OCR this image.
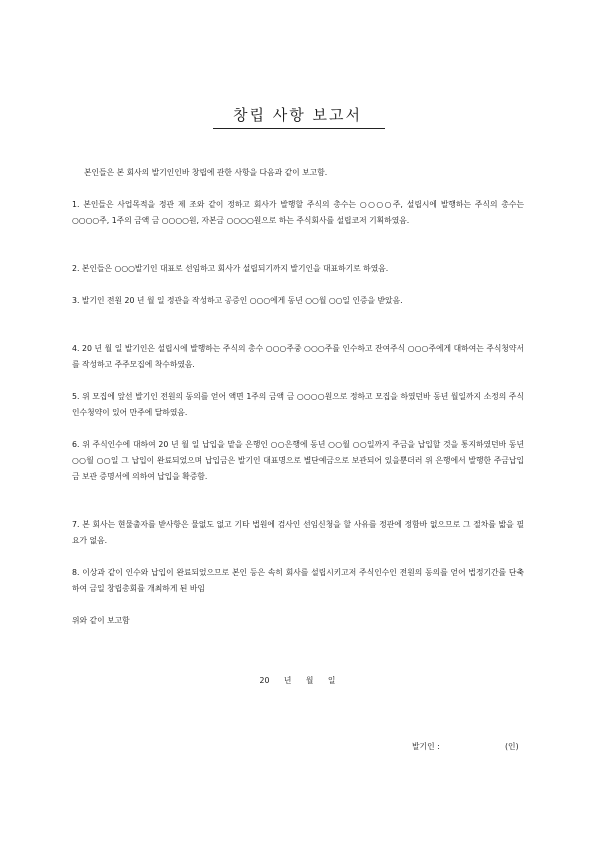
창립 사항 보고서

본인들은 본 회사의 발기인인바 창립에 관한 사항을 다음과 같이 보고함.

1. 본인들은 사업목적을 정관 제 조와 같이 정하고 회사가 발행할 주식의 총수는 ○○○○주, 설립시에 발행하는 주식의 총수는 ○○○○주, 1주의 금액 금 ○○○○원, 자본금 ○○○○원으로 하는 주식회사를 설립코저 기획하였음.

2. 본인들은 ○○○발기인 대표로 선임하고 회사가 설립되기까지 발기인을 대표하기로 하였음.

3. 발기인 전원 20 년 월 일 정관을 작성하고 공증인 ○○○에게 동년 ○○월 ○○일 인증을 받았음.

4. 20 년 월 일 발기인은 설립시에 발행하는 주식의 총수 ○○○주중 ○○○주를 인수하고 잔여주식 ○○○주에게 대하여는 주식청약서를 작성하고 주주모집에 착수하였음.

5. 위 모집에 앞선 발기인 전원의 동의를 얻어 액면 1주의 금액 금 ○○○○원으로 정하고 모집을 하였던바 동년 월일까지 소정의 주식 인수청약이 있어 만주에 달하였음.

6. 위 주식인수에 대하여 20 년 월 일 납입을 맡을 은행인 ○○은행에 동년 ○○월 ○○일까지 주금을 납입할 것을 통지하였던바 동년 ○○월 ○○일 그 납입이 완료되었으며 납입금은 발기인 대표명으로 별단예금으로 보관되어 있을뿐더러 위 은행에서 발행한 주금납입금 보관 증명서에 의하여 납입을 확증함.

7. 본 회사는 현물출자를 받사항은 물없도 없고 기타 법원에 검사인 선임신청을 할 사유를 정관에 정함바 없으므로 그 절차를 밟을 필요가 없음.

8. 이상과 같이 인수와 납입이 완료되었으므로 본인 등은 속히 회사를 설립시키고저 주식인수인 전원의 동의를 얻어 법정기간를 단축하여 금일 창립총회를 개최하게 된 바임

위와 같이 보고함

20 년 월 일
발기인 :	(인)
